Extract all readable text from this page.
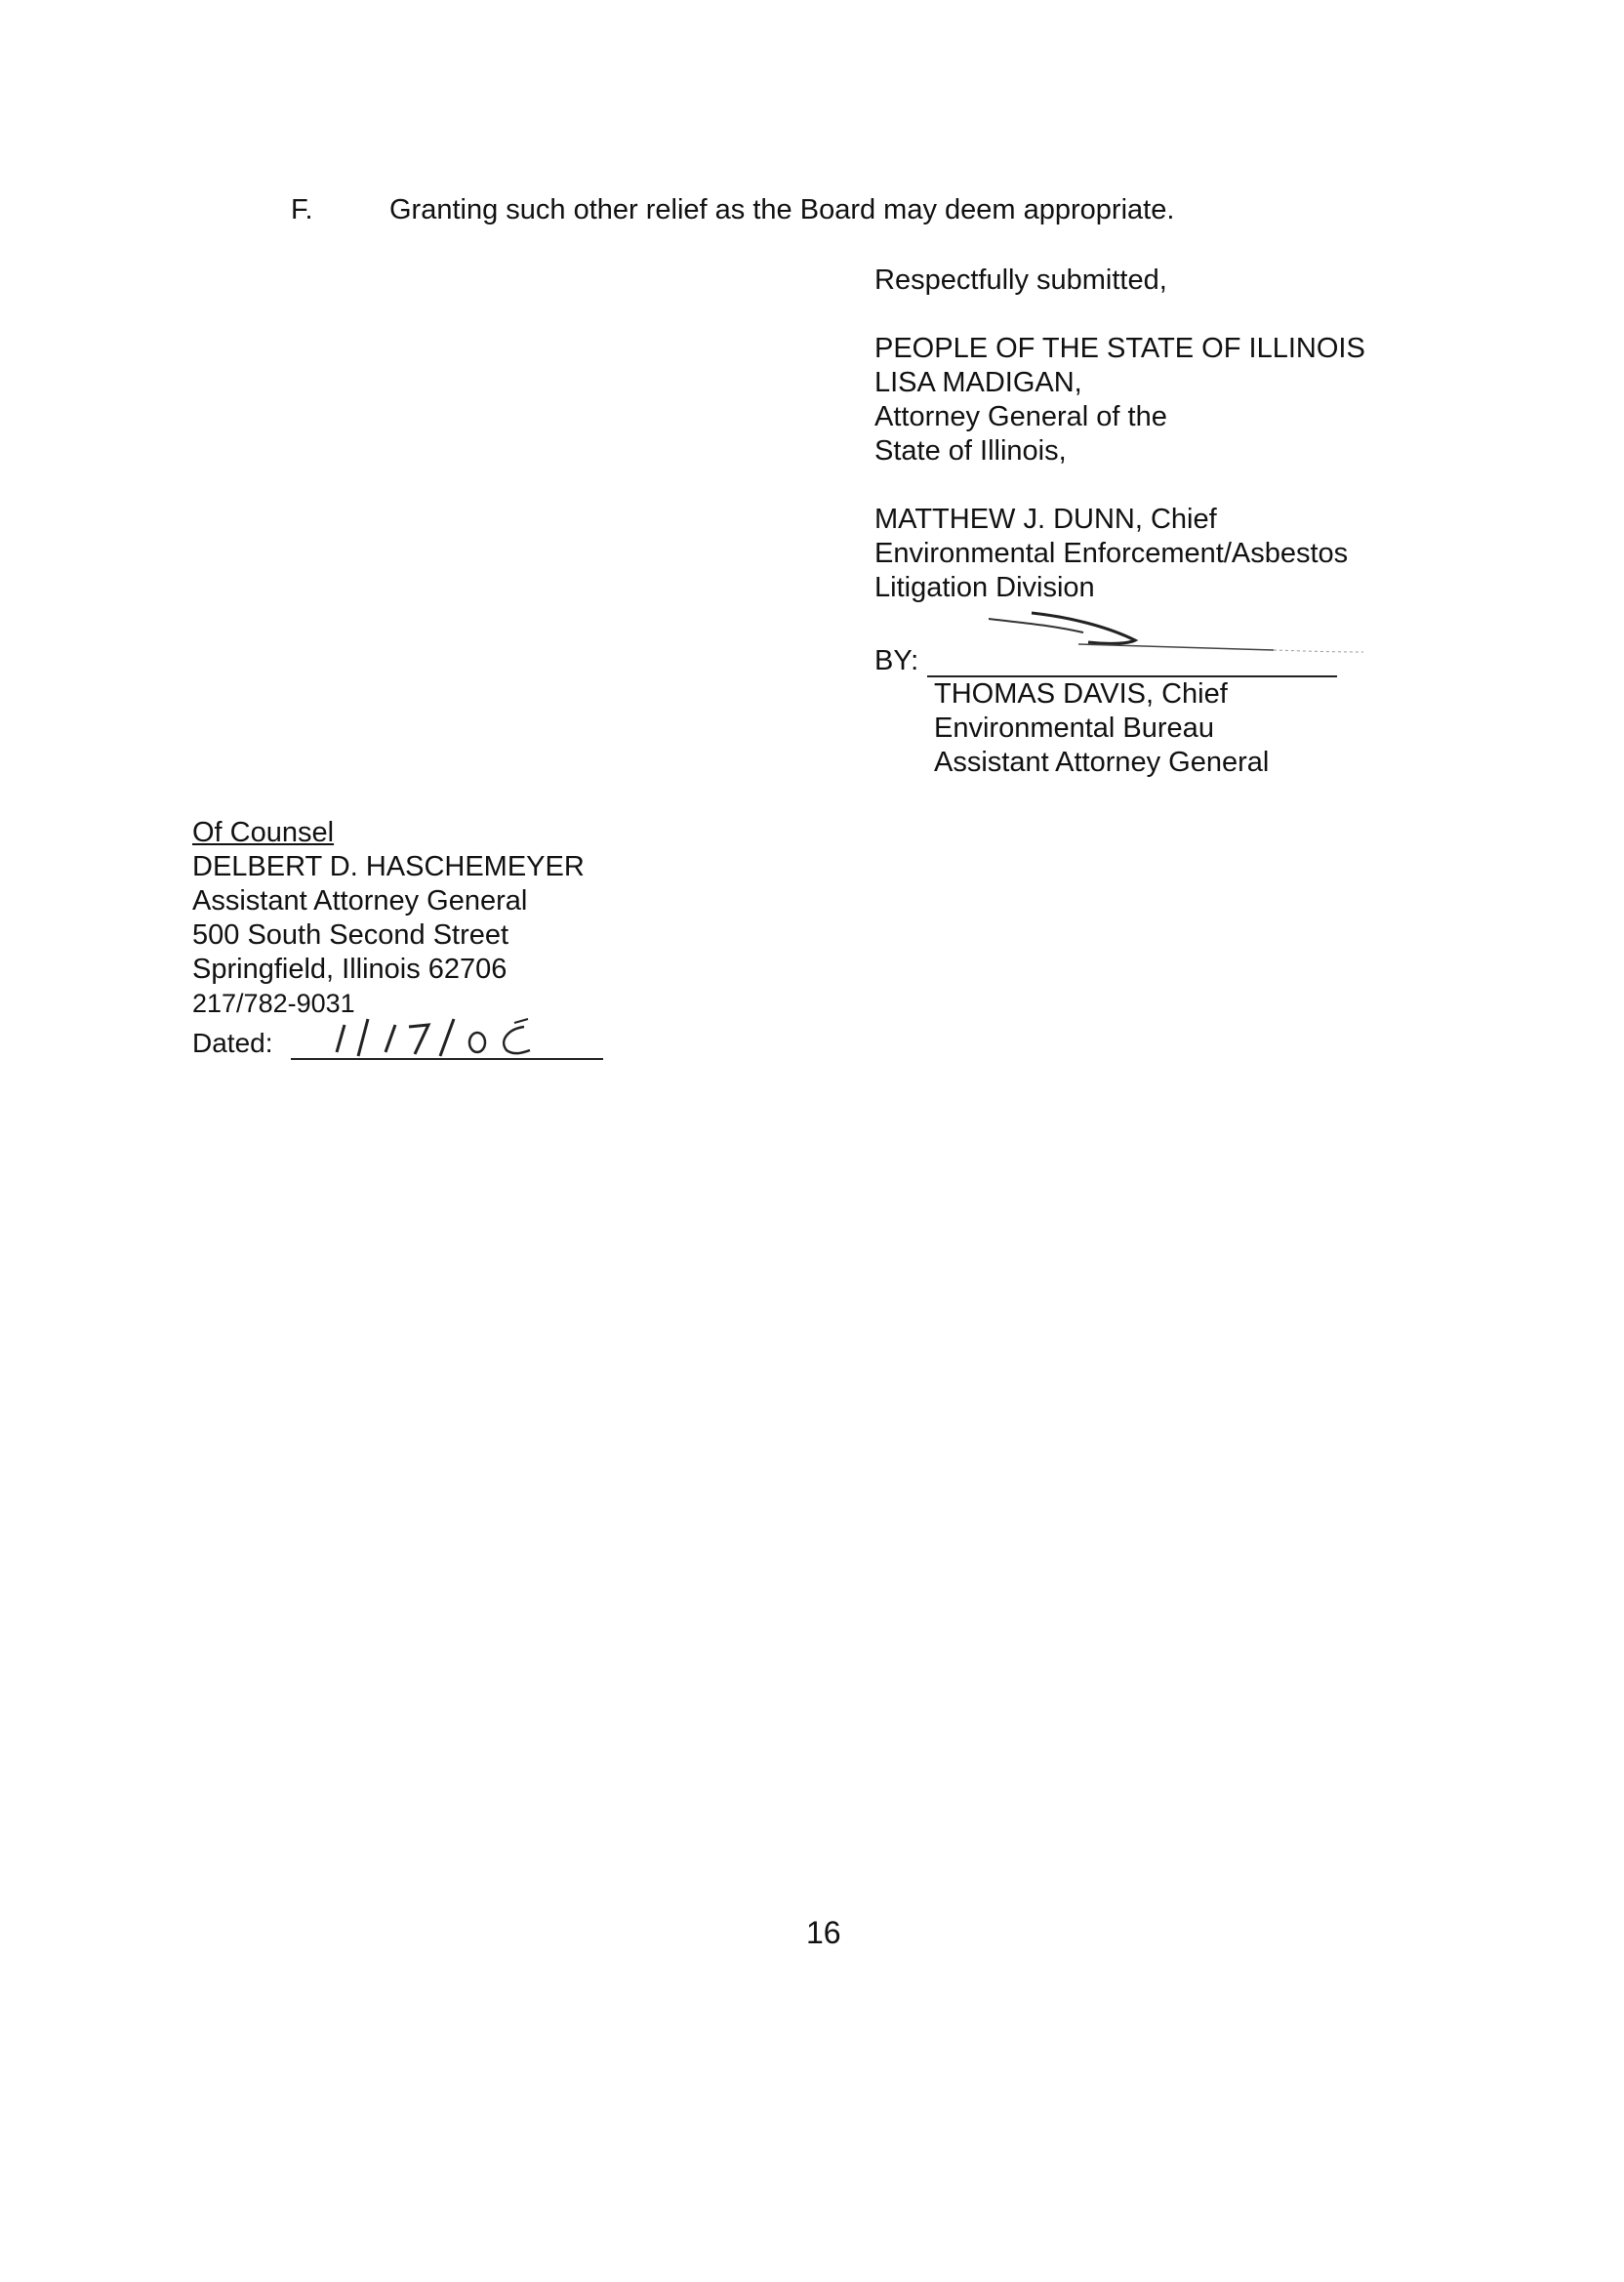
F.	Granting such other relief as the Board may deem appropriate.
Respectfully submitted,
PEOPLE OF THE STATE OF ILLINOIS
LISA MADIGAN,
Attorney General of the
State of Illinois,
MATTHEW J. DUNN, Chief
Environmental Enforcement/Asbestos
Litigation Division
BY:
THOMAS DAVIS, Chief
Environmental Bureau
Assistant Attorney General
Of Counsel
DELBERT D. HASCHEMEYER
Assistant Attorney General
500 South Second Street
Springfield, Illinois 62706
217/782-9031
Dated:
16
